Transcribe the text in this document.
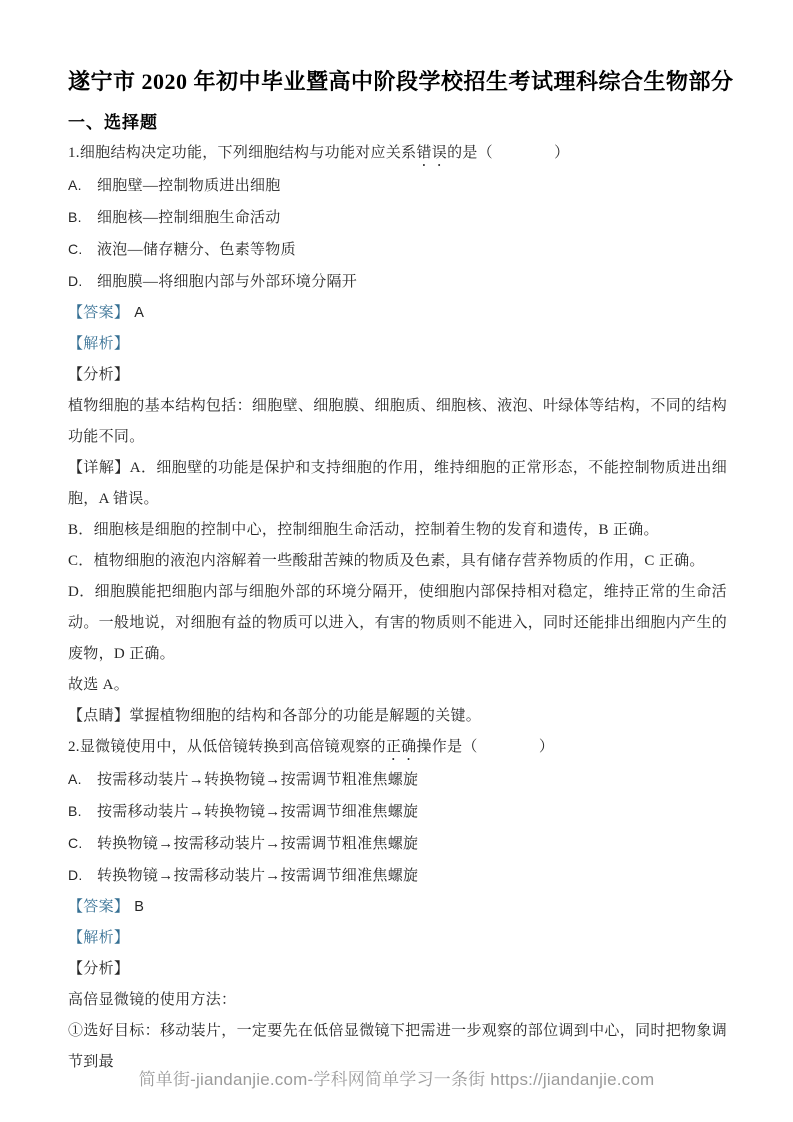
遂宁市 2020 年初中毕业暨高中阶段学校招生考试理科综合生物部分
一、选择题

1.细胞结构决定功能，下列细胞结构与功能对应关系错误的是（　　　　）

A. 细胞壁—控制物质进出细胞

B. 细胞核—控制细胞生命活动

C. 液泡—储存糖分、色素等物质

D. 细胞膜—将细胞内部与外部环境分隔开

【答案】 A

【解析】

【分析】

植物细胞的基本结构包括：细胞壁、细胞膜、细胞质、细胞核、液泡、叶绿体等结构，不同的结构功能不同。

【详解】A．细胞壁的功能是保护和支持细胞的作用，维持细胞的正常形态，不能控制物质进出细胞，A 错误。

B．细胞核是细胞的控制中心，控制细胞生命活动，控制着生物的发育和遗传，B 正确。

C．植物细胞的液泡内溶解着一些酸甜苦辣的物质及色素，具有储存营养物质的作用，C 正确。

D．细胞膜能把细胞内部与细胞外部的环境分隔开，使细胞内部保持相对稳定，维持正常的生命活动。一般地说，对细胞有益的物质可以进入，有害的物质则不能进入，同时还能排出细胞内产生的废物，D 正确。

故选 A。

【点睛】掌握植物细胞的结构和各部分的功能是解题的关键。

2.显微镜使用中，从低倍镜转换到高倍镜观察的正确操作是（　　　　）

A. 按需移动装片→转换物镜→按需调节粗准焦螺旋

B. 按需移动装片→转换物镜→按需调节细准焦螺旋

C. 转换物镜→按需移动装片→按需调节粗准焦螺旋

D. 转换物镜→按需移动装片→按需调节细准焦螺旋

【答案】 B

【解析】

【分析】

高倍显微镜的使用方法：

①选好目标：移动装片，一定要先在低倍显微镜下把需进一步观察的部位调到中心，同时把物象调节到最

简单街-jiandanjie.com-学科网简单学习一条街 https://jiandanjie.com
